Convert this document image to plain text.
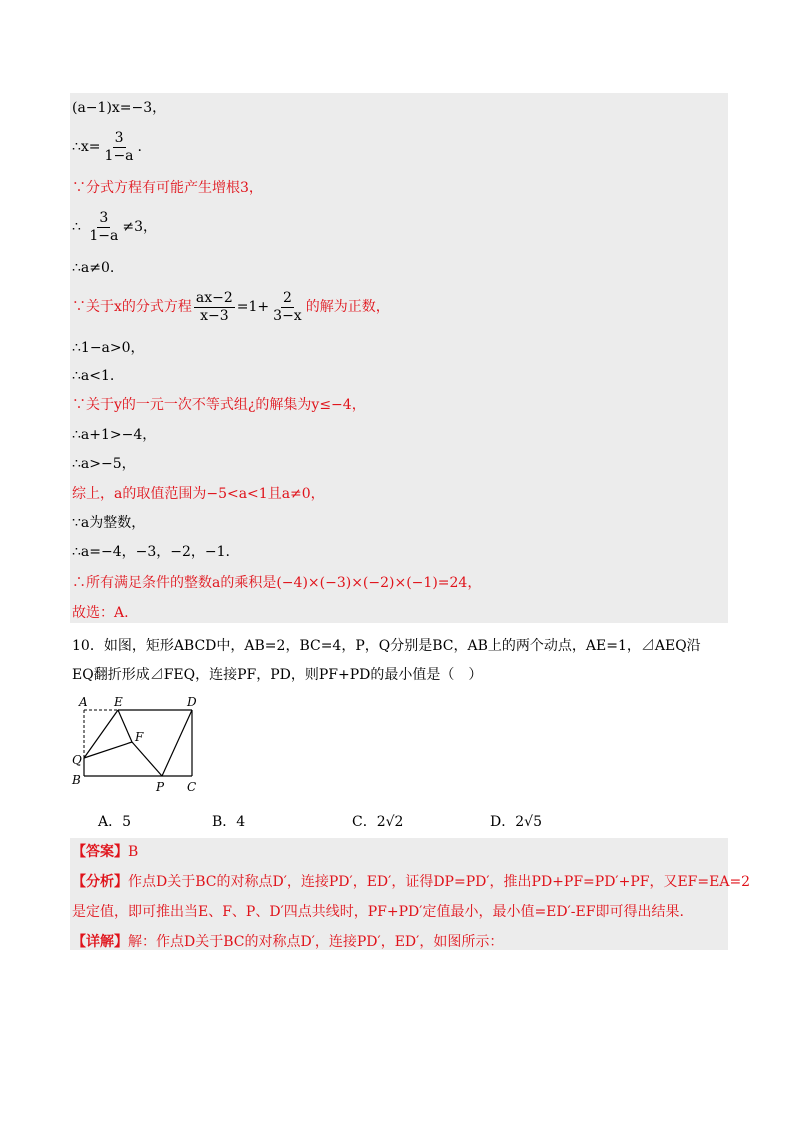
(a−1)x=−3，
∴x= $\frac{3}{1-a}$ .
∵分式方程有可能产生增根3，
∴ $\frac{3}{1-a} \ne 3$，
∴a≠0.
∵关于x的分式方程 $\frac{ax-2}{x-3} =1+ \frac{2}{3-x}$ 的解为正数，
∴1−a>0，
∴a<1.
∵关于y的一元一次不等式组¿的解集为y≤−4，
∴a+1>−4，
∴a>−5，
综上，a的取值范围为−5<a<1且a≠0，
∵a为整数，
∴a=−4，−3，−2，−1.
∴所有满足条件的整数a的乘积是(−4)×(−3)×(−2)×(−1)=24，
故选：A.
10．如图，矩形ABCD中，AB=2，BC=4，P，Q分别是BC，AB上的两个动点，AE=1，⊿AEQ沿
EQ翻折形成⊿FEQ，连接PF，PD，则PF+PD的最小值是（　）
A E	D
F
Q
B	P C
A．5	B．4	C．2√2	D．2√5
【答案】B
【分析】作点D关于BC的对称点D′，连接PD′，ED′，证得DP=PD′，推出PD+PF=PD′+PF，又EF=EA=2
是定值，即可推出当E、F、P、D′四点共线时，PF+PD′定值最小，最小值=ED′-EF即可得出结果.
【详解】解：作点D关于BC的对称点D′，连接PD′，ED′，如图所示：
